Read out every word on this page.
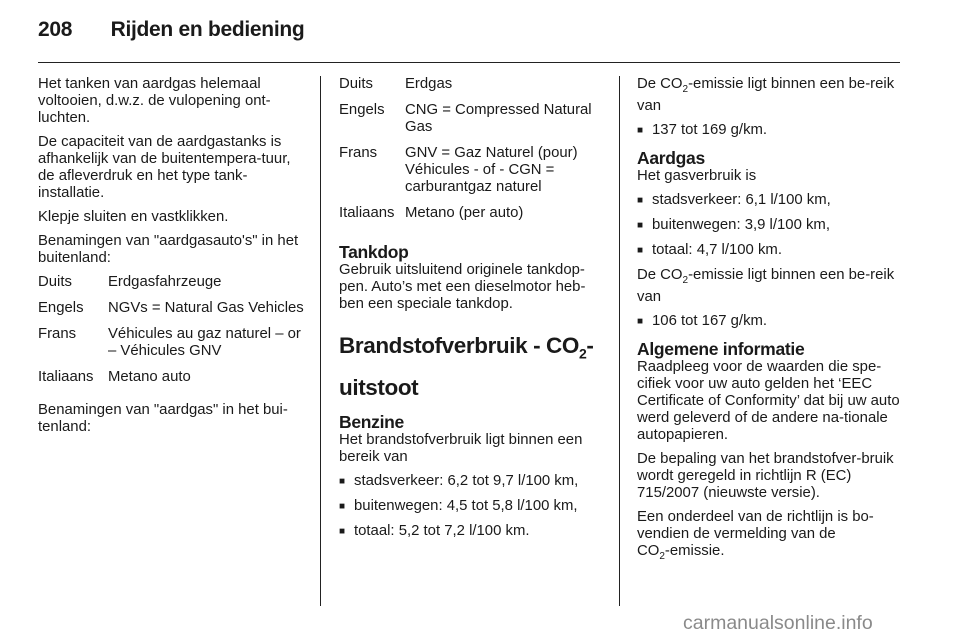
208 Rijden en bediening

Het tanken van aardgas helemaal voltooien, d.w.z. de vulopening ont-luchten.

De capaciteit van de aardgastanks is afhankelijk van de buitentempera-tuur, de afleverdruk en het type tank-installatie.

Klepje sluiten en vastklikken.

Benamingen van "aardgasauto's" in het buitenland:

Duits	Erdgasfahrzeuge
Engels	NGVs = Natural Gas Vehicles
Frans	Véhicules au gaz naturel – or – Véhicules GNV
Italiaans Metano auto

Benamingen van "aardgas" in het bui-tenland:

Duits	Erdgas
Engels	CNG = Compressed Natural Gas
Frans	GNV = Gaz Naturel (pour) Véhicules - of - CGN = carburantgaz naturel
Italiaans Metano (per auto)
Tankdop

Gebruik uitsluitend originele tankdop-pen. Auto’s met een dieselmotor heb-ben een speciale tankdop.

Brandstofverbruik - $CO_2-$
uitstoot
Benzine

Het brandstofverbruik ligt binnen een bereik van

■ stadsverkeer: 6,2 tot 9,7 l/100 km,
■ buitenwegen: 4,5 tot 5,8 l/100 km,
■ totaal: 5,2 tot 7,2 l/100 km.

De $CO_2$-emissie ligt binnen een be-reik van

■ 137 tot 169 g/km.
Aardgas

Het gasverbruik is

■ stadsverkeer: 6,1 l/100 km,
■ buitenwegen: 3,9 l/100 km,
■ totaal: 4,7 l/100 km.

De $CO_2$-emissie ligt binnen een be-reik van

■ 106 tot 167 g/km.
Algemene informatie

Raadpleeg voor de waarden die spe-cifiek voor uw auto gelden het ‘EEC Certificate of Conformity’ dat bij uw auto werd geleverd of de andere na-tionale autopapieren.

De bepaling van het brandstofver-bruik wordt geregeld in richtlijn R (EC) 715/2007 (nieuwste versie).

Een onderdeel van de richtlijn is bo-vendien de vermelding van de
$CO_2$-emissie.

carmanualsonline.info
